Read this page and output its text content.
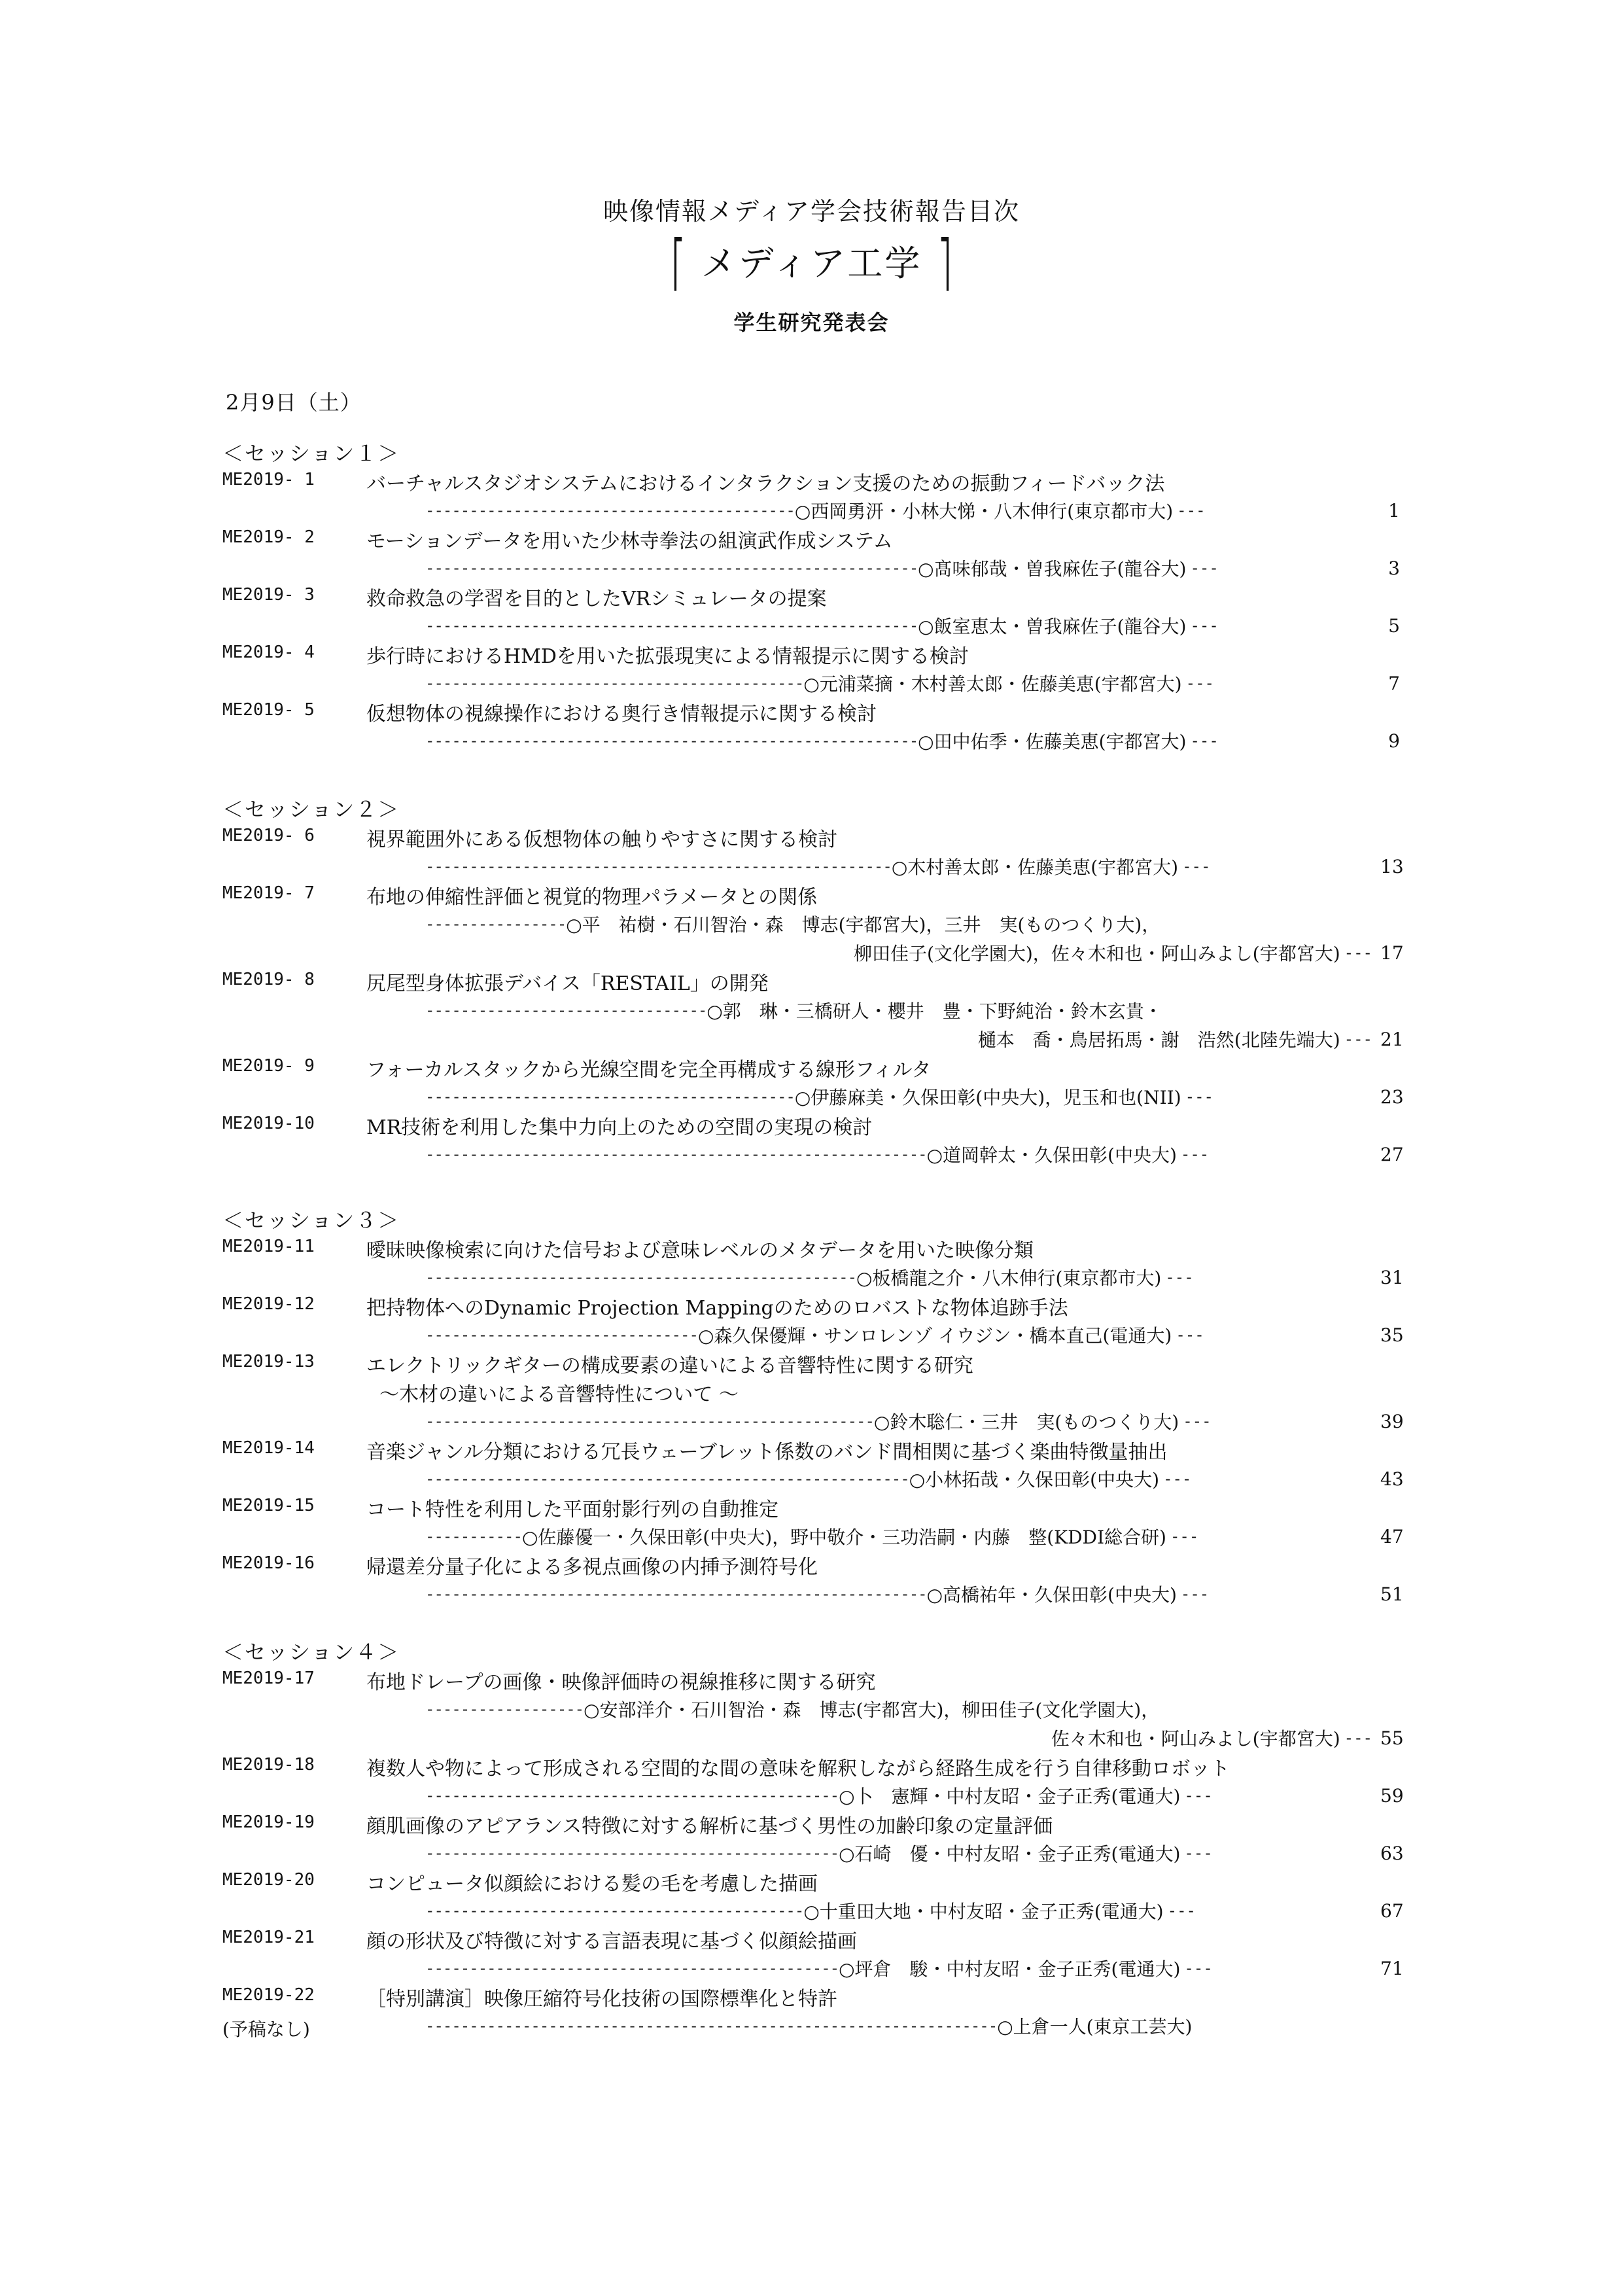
映像情報メディア学会技術報告目次
⎡ メディア工学 ⎤
学生研究発表会
2月9日（土）
＜セッション１＞
ME2019- 1	バーチャルスタジオシステムにおけるインタラクション支援のための振動フィードバック法
------------------------------------------ ○西岡勇汧・小林大悌・八木伸行(東京都市大) ---	1
ME2019- 2	モーションデータを用いた少林寺拳法の組演武作成システム
-------------------------------------------------------- ○髙味郁哉・曽我麻佐子(龍谷大) ---	3
ME2019- 3	救命救急の学習を目的としたVRシミュレータの提案
-------------------------------------------------------- ○飯室恵太・曽我麻佐子(龍谷大) ---	5
ME2019- 4	歩行時におけるHMDを用いた拡張現実による情報提示に関する検討
------------------------------------------- ○元浦菜摘・木村善太郎・佐藤美恵(宇都宮大) ---	7
ME2019- 5	仮想物体の視線操作における奥行き情報提示に関する検討
-------------------------------------------------------- ○田中佑季・佐藤美恵(宇都宮大) ---	9
＜セッション２＞
ME2019- 6	視界範囲外にある仮想物体の触りやすさに関する検討
----------------------------------------------------- ○木村善太郎・佐藤美恵(宇都宮大) ---	13
ME2019- 7	布地の伸縮性評価と視覚的物理パラメータとの関係
---------------- ○平　祐樹・石川智治・森　博志(宇都宮大)，三井　実(ものつくり大)，
柳田佳子(文化学園大)，佐々木和也・阿山みよし(宇都宮大) --- 17
ME2019- 8	尻尾型身体拡張デバイス「RESTAIL」の開発
-------------------------------- ○郭　琳・三橋研人・櫻井　豊・下野純治・鈴木玄貴・
樋本　喬・鳥居拓馬・謝　浩然(北陸先端大) --- 21
ME2019- 9	フォーカルスタックから光線空間を完全再構成する線形フィルタ
------------------------------------------ ○伊藤麻美・久保田彰(中央大)，児玉和也(NII) ---	23
ME2019-10	MR技術を利用した集中力向上のための空間の実現の検討
--------------------------------------------------------- ○道岡幹太・久保田彰(中央大) ---	27
＜セッション３＞
ME2019-11	曖昧映像検索に向けた信号および意味レベルのメタデータを用いた映像分類
------------------------------------------------- ○板橋龍之介・八木伸行(東京都市大) ---	31
ME2019-12	把持物体へのDynamic Projection Mappingのためのロバストな物体追跡手法
------------------------------- ○森久保優輝・サンロレンゾ イウジン・橋本直己(電通大) ---	35
ME2019-13	エレクトリックギターの構成要素の違いによる音響特性に関する研究
～木材の違いによる音響特性について ～
--------------------------------------------------- ○鈴木聡仁・三井　実(ものつくり大) ---	39
ME2019-14	音楽ジャンル分類における冗長ウェーブレット係数のバンド間相関に基づく楽曲特徴量抽出
------------------------------------------------------- ○小林拓哉・久保田彰(中央大) ---	43
ME2019-15	コート特性を利用した平面射影行列の自動推定
----------- ○佐藤優一・久保田彰(中央大)，野中敬介・三功浩嗣・内藤　整(KDDI総合研) ---	47
ME2019-16	帰還差分量子化による多視点画像の内挿予測符号化
--------------------------------------------------------- ○高橋祐年・久保田彰(中央大) ---	51
＜セッション４＞
ME2019-17	布地ドレープの画像・映像評価時の視線推移に関する研究
------------------ ○安部洋介・石川智治・森　博志(宇都宮大)，柳田佳子(文化学園大)，
佐々木和也・阿山みよし(宇都宮大) --- 55
ME2019-18	複数人や物によって形成される空間的な間の意味を解釈しながら経路生成を行う自律移動ロボット
----------------------------------------------- ○卜　憲輝・中村友昭・金子正秀(電通大) ---	59
ME2019-19	顔肌画像のアピアランス特徴に対する解析に基づく男性の加齢印象の定量評価
----------------------------------------------- ○石崎　優・中村友昭・金子正秀(電通大) ---	63
ME2019-20	コンピュータ似顔絵における髪の毛を考慮した描画
------------------------------------------- ○十重田大地・中村友昭・金子正秀(電通大) ---	67
ME2019-21	顔の形状及び特徴に対する言語表現に基づく似顔絵描画
----------------------------------------------- ○坪倉　駿・中村友昭・金子正秀(電通大) ---	71
ME2019-22	［特別講演］映像圧縮符号化技術の国際標準化と特許
(予稿なし)	----------------------------------------------------------------- ○上倉一人(東京工芸大)
